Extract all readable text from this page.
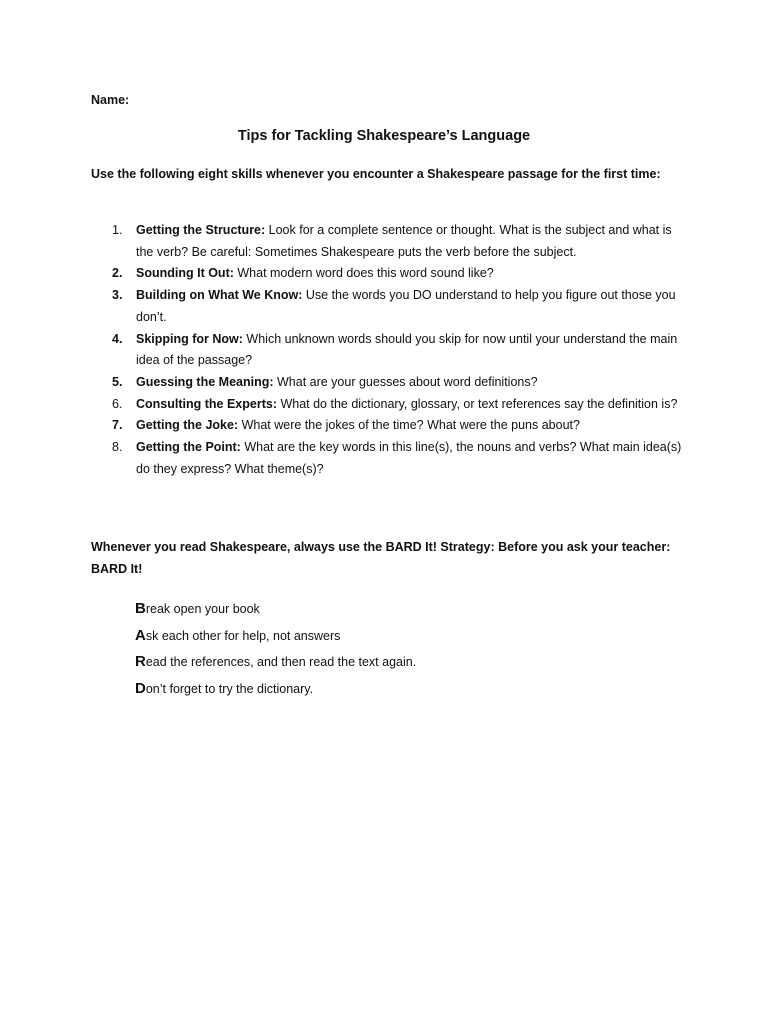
Name:
Tips for Tackling Shakespeare’s Language
Use the following eight skills whenever you encounter a Shakespeare passage for the first time:
1. Getting the Structure: Look for a complete sentence or thought. What is the subject and what is the verb? Be careful: Sometimes Shakespeare puts the verb before the subject.
2. Sounding It Out: What modern word does this word sound like?
3. Building on What We Know: Use the words you DO understand to help you figure out those you don’t.
4. Skipping for Now: Which unknown words should you skip for now until your understand the main idea of the passage?
5. Guessing the Meaning: What are your guesses about word definitions?
6. Consulting the Experts: What do the dictionary, glossary, or text references say the definition is?
7. Getting the Joke: What were the jokes of the time? What were the puns about?
8. Getting the Point: What are the key words in this line(s), the nouns and verbs? What main idea(s) do they express? What theme(s)?
Whenever you read Shakespeare, always use the BARD It! Strategy: Before you ask your teacher: BARD It!
Break open your book
Ask each other for help, not answers
Read the references, and then read the text again.
Don’t forget to try the dictionary.
